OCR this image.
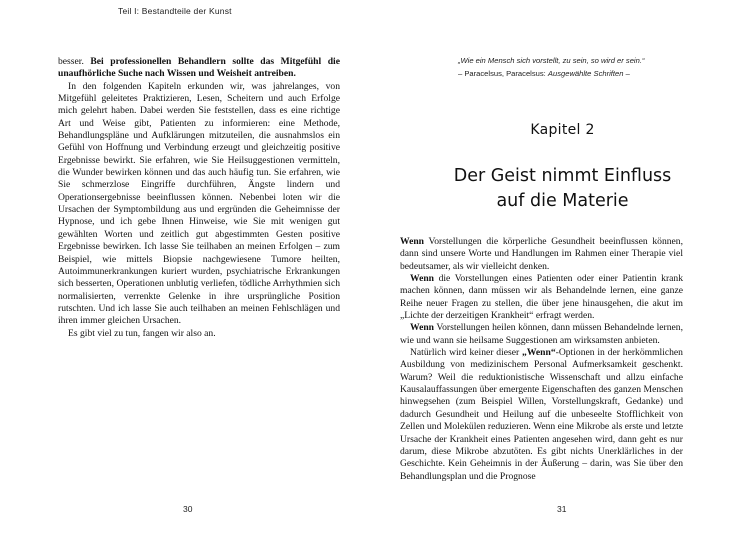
Teil I: Bestandteile der Kunst

besser. Bei professionellen Behandlern sollte das Mitgefühl die unaufhörliche Suche nach Wissen und Weisheit antreiben.

In den folgenden Kapiteln erkunden wir, was jahrelanges, von Mitgefühl geleitetes Praktizieren, Lesen, Scheitern und auch Erfolge mich gelehrt haben. Dabei werden Sie feststellen, dass es eine richtige Art und Weise gibt, Patienten zu informieren: eine Methode, Behandlungspläne und Aufklärungen mitzuteilen, die ausnahmslos ein Gefühl von Hoffnung und Verbindung erzeugt und gleichzeitig positive Ergebnisse bewirkt. Sie erfahren, wie Sie Heilsuggestionen vermitteln, die Wunder bewirken können und das auch häufig tun. Sie erfahren, wie Sie schmerzlose Eingriffe durchführen, Ängste lindern und Operationsergebnisse beeinflussen können. Nebenbei loten wir die Ursachen der Symptombildung aus und ergründen die Geheimnisse der Hypnose, und ich gebe Ihnen Hinweise, wie Sie mit wenigen gut gewählten Worten und zeitlich gut abgestimmten Gesten positive Ergebnisse bewirken. Ich lasse Sie teilhaben an meinen Erfolgen – zum Beispiel, wie mittels Biopsie nachgewiesene Tumore heilten, Autoimmunerkrankungen kuriert wurden, psychiatrische Erkrankungen sich besserten, Operationen unblutig verliefen, tödliche Arrhythmien sich normalisierten, verrenkte Gelenke in ihre ursprüngliche Position rutschten. Und ich lasse Sie auch teilhaben an meinen Fehlschlägen und ihren immer gleichen Ursachen.

Es gibt viel zu tun, fangen wir also an.

30
„Wie ein Mensch sich vorstellt, zu sein, so wird er sein.“
– Paracelsus, Paracelsus: Ausgewählte Schriften –
Kapitel 2
Der Geist nimmt Einfluss
auf die Materie

Wenn Vorstellungen die körperliche Gesundheit beeinflussen können, dann sind unsere Worte und Handlungen im Rahmen einer Therapie viel bedeutsamer, als wir vielleicht denken.

Wenn die Vorstellungen eines Patienten oder einer Patientin krank machen können, dann müssen wir als Behandelnde lernen, eine ganze Reihe neuer Fragen zu stellen, die über jene hinausgehen, die akut im „Lichte der derzeitigen Krankheit“ erfragt werden.

Wenn Vorstellungen heilen können, dann müssen Behandelnde lernen, wie und wann sie heilsame Suggestionen am wirksamsten anbieten.

Natürlich wird keiner dieser „Wenn“-Optionen in der herkömmlichen Ausbildung von medizinischem Personal Aufmerksamkeit geschenkt. Warum? Weil die reduktionistische Wissenschaft und allzu einfache Kausalauffassungen über emergente Eigenschaften des ganzen Menschen hinwegsehen (zum Beispiel Willen, Vorstellungskraft, Gedanke) und dadurch Gesundheit und Heilung auf die unbeseelte Stofflichkeit von Zellen und Molekülen reduzieren. Wenn eine Mikrobe als erste und letzte Ursache der Krankheit eines Patienten angesehen wird, dann geht es nur darum, diese Mikrobe abzutöten. Es gibt nichts Unerklärliches in der Geschichte. Kein Geheimnis in der Äußerung – darin, was Sie über den Behandlungsplan und die Prognose

31
